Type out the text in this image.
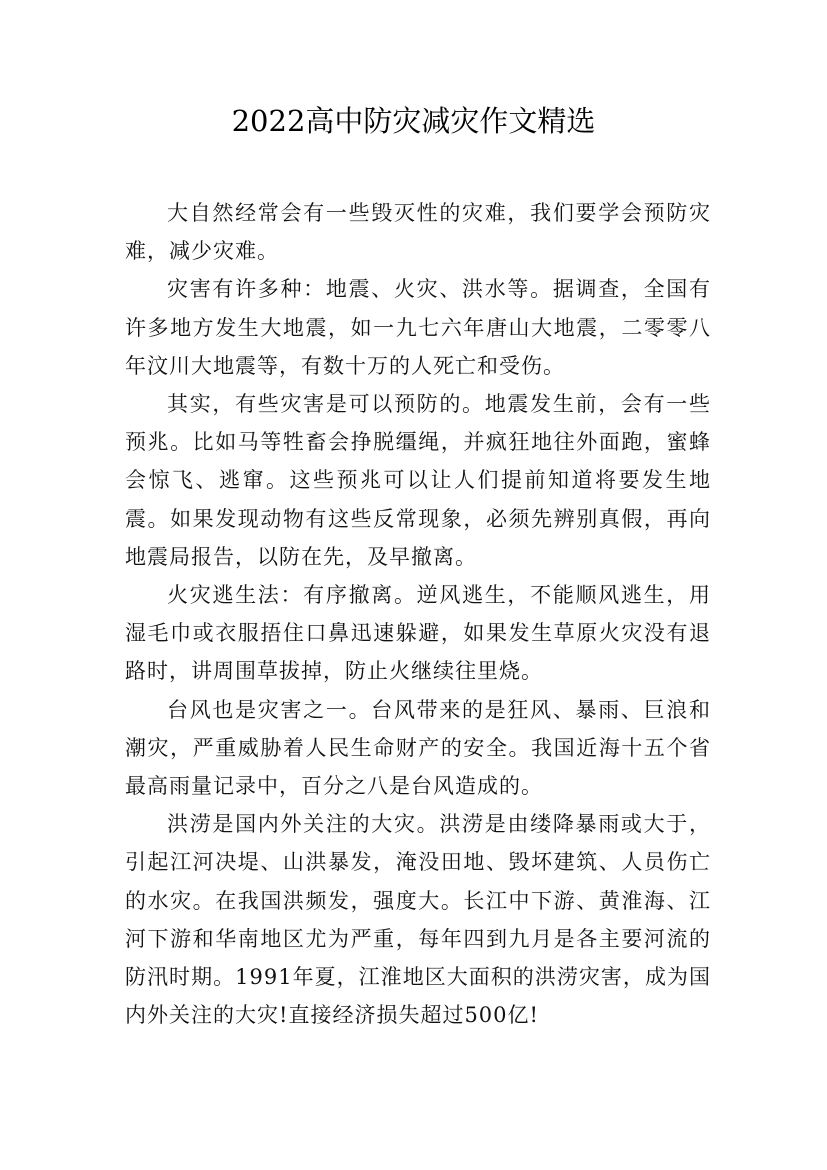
2022高中防灾减灾作文精选

大自然经常会有一些毁灭性的灾难，我们要学会预防灾难，减少灾难。

灾害有许多种：地震、火灾、洪水等。据调查，全国有许多地方发生大地震，如一九七六年唐山大地震，二零零八年汶川大地震等，有数十万的人死亡和受伤。

其实，有些灾害是可以预防的。地震发生前，会有一些预兆。比如马等牲畜会挣脱缰绳，并疯狂地往外面跑，蜜蜂会惊飞、逃窜。这些预兆可以让人们提前知道将要发生地震。如果发现动物有这些反常现象，必须先辨别真假，再向地震局报告，以防在先，及早撤离。

火灾逃生法：有序撤离。逆风逃生，不能顺风逃生，用湿毛巾或衣服捂住口鼻迅速躲避，如果发生草原火灾没有退路时，讲周围草拔掉，防止火继续往里烧。

台风也是灾害之一。台风带来的是狂风、暴雨、巨浪和潮灾，严重威胁着人民生命财产的安全。我国近海十五个省最高雨量记录中，百分之八是台风造成的。

洪涝是国内外关注的大灾。洪涝是由缕降暴雨或大于，引起江河决堤、山洪暴发，淹没田地、毁坏建筑、人员伤亡的水灾。在我国洪频发，强度大。长江中下游、黄淮海、江河下游和华南地区尤为严重，每年四到九月是各主要河流的防汛时期。1991年夏，江淮地区大面积的洪涝灾害，成为国内外关注的大灾!直接经济损失超过500亿!
